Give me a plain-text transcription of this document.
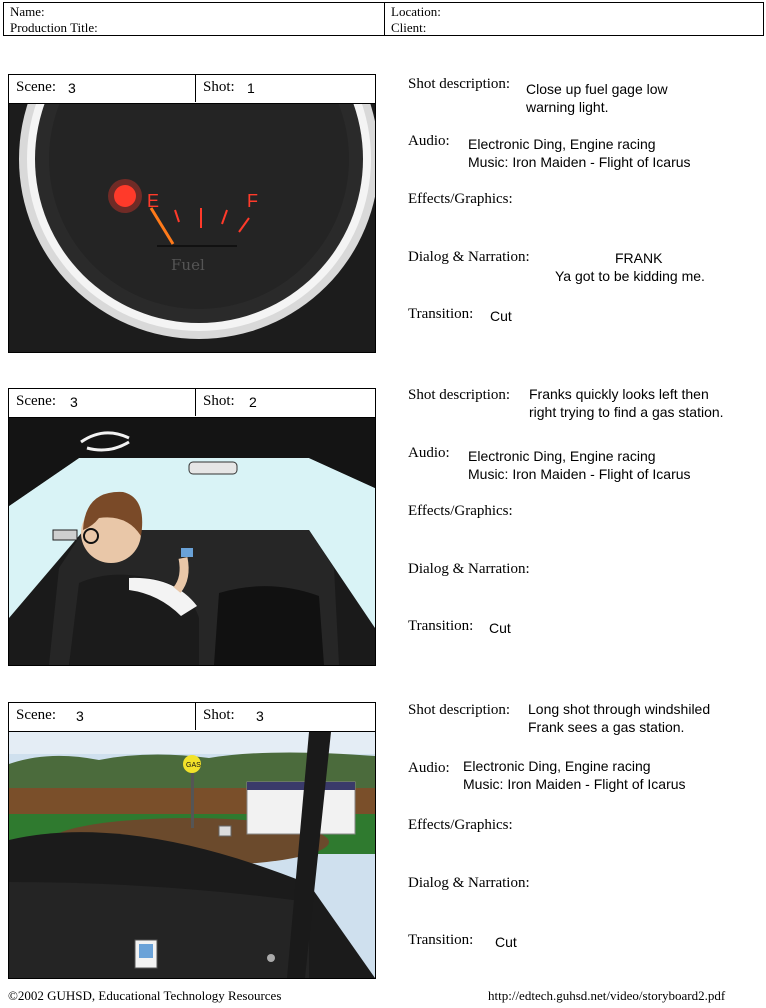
Name:
Production Title:
Location:
Client:
Scene: 3	Shot: 1
E	F
Fuel
Shot description: Close up fuel gage low
warning light.
Audio: Electronic Ding, Engine racing
Music: Iron Maiden - Flight of Icarus
Effects/Graphics:
Dialog & Narration:	FRANK
Ya got to be kidding me.
Transition: Cut
Scene: 3	Shot: 2	Shot description: Franks quickly looks left then
right trying to find a gas station.
Audio: Electronic Ding, Engine racing
Music: Iron Maiden - Flight of Icarus
Effects/Graphics:
Dialog & Narration:
Transition: Cut
Scene: 3	Shot: 3
GAS
Shot description: Long shot through windshiled
Frank sees a gas station.
Audio: Electronic Ding, Engine racing
Music: Iron Maiden - Flight of Icarus
Effects/Graphics:
Dialog & Narration:
Transition: Cut
©2002 GUHSD, Educational Technology Resources	http://edtech.guhsd.net/video/storyboard2.pdf
